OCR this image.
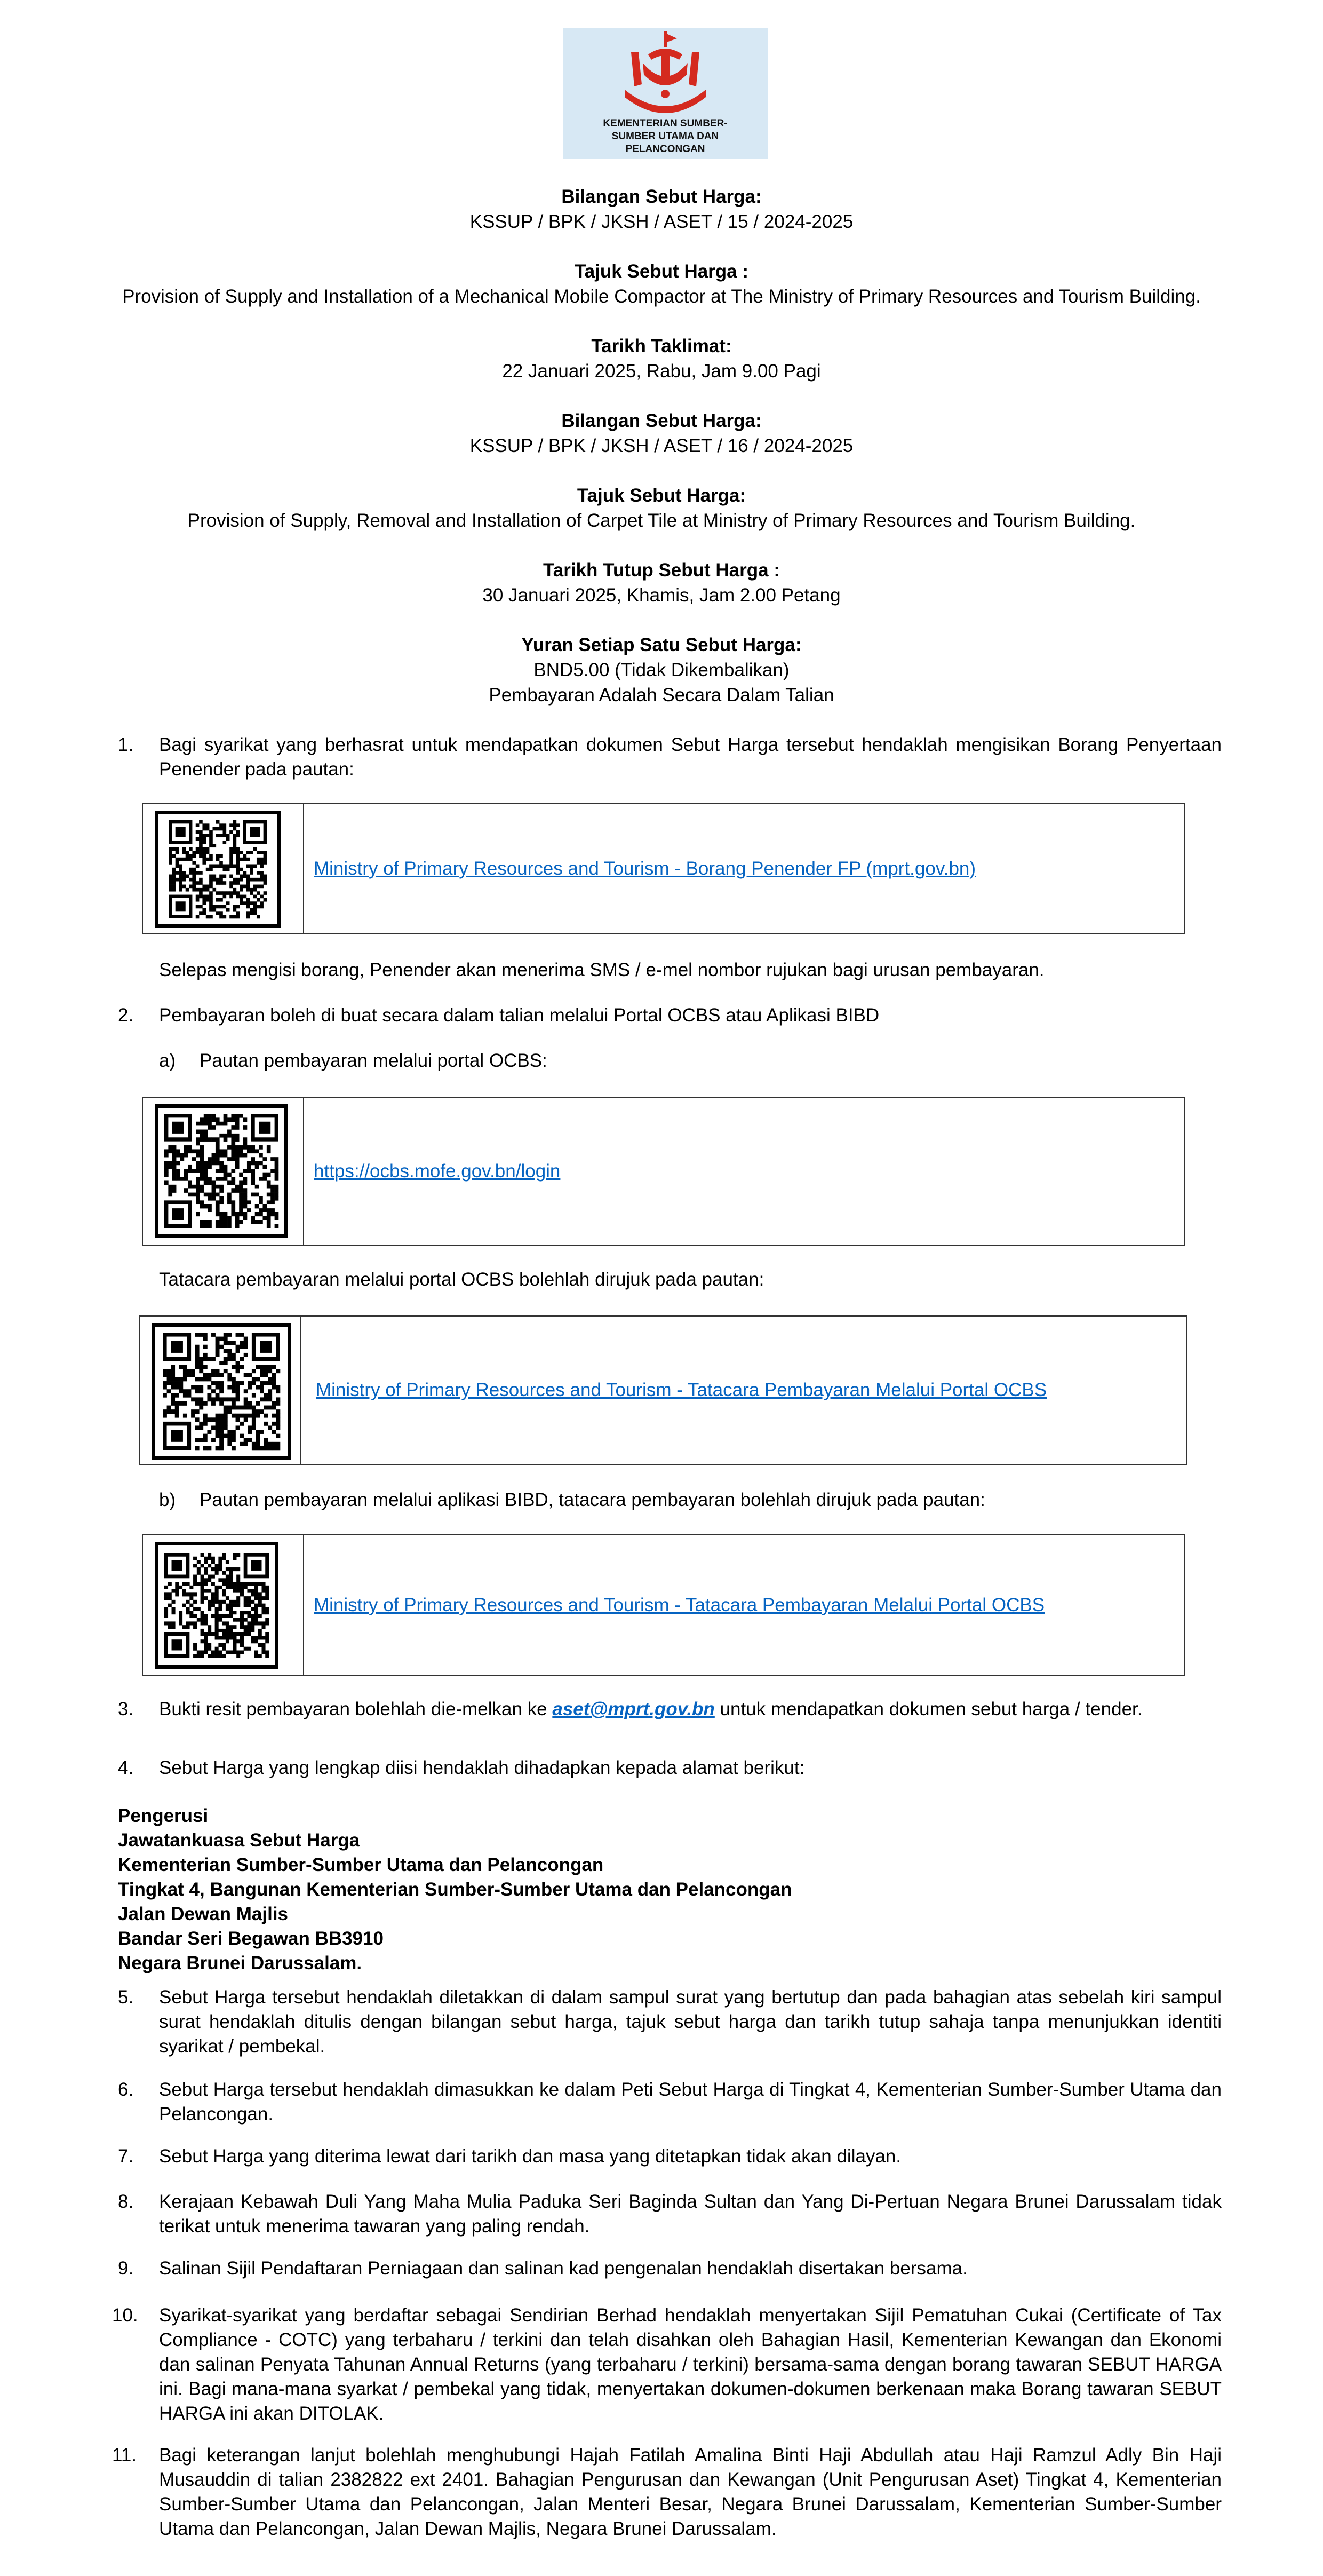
KEMENTERIAN SUMBER-
SUMBER UTAMA DAN
PELANCONGAN
Bilangan Sebut Harga:
KSSUP / BPK / JKSH / ASET / 15 / 2024-2025
Tajuk Sebut Harga :
Provision of Supply and Installation of a Mechanical Mobile Compactor at The Ministry of Primary Resources and Tourism Building.
Tarikh Taklimat:
22 Januari 2025, Rabu, Jam 9.00 Pagi
Bilangan Sebut Harga:
KSSUP / BPK / JKSH / ASET / 16 / 2024-2025
Tajuk Sebut Harga:
Provision of Supply, Removal and Installation of Carpet Tile at Ministry of Primary Resources and Tourism Building.
Tarikh Tutup Sebut Harga :
30 Januari 2025, Khamis, Jam 2.00 Petang
Yuran Setiap Satu Sebut Harga:
BND5.00 (Tidak Dikembalikan)
Pembayaran Adalah Secara Dalam Talian
1. Bagi syarikat yang berhasrat untuk mendapatkan dokumen Sebut Harga tersebut hendaklah mengisikan Borang Penyertaan Penender pada pautan:
Ministry of Primary Resources and Tourism - Borang Penender FP (mprt.gov.bn)
Selepas mengisi borang, Penender akan menerima SMS / e-mel nombor rujukan bagi urusan pembayaran.
2. Pembayaran boleh di buat secara dalam talian melalui Portal OCBS atau Aplikasi BIBD
a) Pautan pembayaran melalui portal OCBS:
https://ocbs.mofe.gov.bn/login
Tatacara pembayaran melalui portal OCBS bolehlah dirujuk pada pautan:
Ministry of Primary Resources and Tourism - Tatacara Pembayaran Melalui Portal OCBS
b) Pautan pembayaran melalui aplikasi BIBD, tatacara pembayaran bolehlah dirujuk pada pautan:
Ministry of Primary Resources and Tourism - Tatacara Pembayaran Melalui Portal OCBS
3. Bukti resit pembayaran bolehlah die-melkan ke aset@mprt.gov.bn untuk mendapatkan dokumen sebut harga / tender.
4. Sebut Harga yang lengkap diisi hendaklah dihadapkan kepada alamat berikut:
Pengerusi
Jawatankuasa Sebut Harga
Kementerian Sumber-Sumber Utama dan Pelancongan
Tingkat 4, Bangunan Kementerian Sumber-Sumber Utama dan Pelancongan
Jalan Dewan Majlis
Bandar Seri Begawan BB3910
Negara Brunei Darussalam.
5. Sebut Harga tersebut hendaklah diletakkan di dalam sampul surat yang bertutup dan pada bahagian atas sebelah kiri sampul surat hendaklah ditulis dengan bilangan sebut harga, tajuk sebut harga dan tarikh tutup sahaja tanpa menunjukkan identiti syarikat / pembekal.
6. Sebut Harga tersebut hendaklah dimasukkan ke dalam Peti Sebut Harga di Tingkat 4, Kementerian Sumber-Sumber Utama dan Pelancongan.
7. Sebut Harga yang diterima lewat dari tarikh dan masa yang ditetapkan tidak akan dilayan.
8. Kerajaan Kebawah Duli Yang Maha Mulia Paduka Seri Baginda Sultan dan Yang Di-Pertuan Negara Brunei Darussalam tidak terikat untuk menerima tawaran yang paling rendah.
9. Salinan Sijil Pendaftaran Perniagaan dan salinan kad pengenalan hendaklah disertakan bersama.
10. Syarikat-syarikat yang berdaftar sebagai Sendirian Berhad hendaklah menyertakan Sijil Pematuhan Cukai (Certificate of Tax Compliance - COTC) yang terbaharu / terkini dan telah disahkan oleh Bahagian Hasil, Kementerian Kewangan dan Ekonomi dan salinan Penyata Tahunan Annual Returns (yang terbaharu / terkini) bersama-sama dengan borang tawaran SEBUT HARGA ini. Bagi mana-mana syarkat / pembekal yang tidak, menyertakan dokumen-dokumen berkenaan maka Borang tawaran SEBUT HARGA ini akan DITOLAK.
11. Bagi keterangan lanjut bolehlah menghubungi Hajah Fatilah Amalina Binti Haji Abdullah atau Haji Ramzul Adly Bin Haji Musauddin di talian 2382822 ext 2401. Bahagian Pengurusan dan Kewangan (Unit Pengurusan Aset) Tingkat 4, Kementerian Sumber-Sumber Utama dan Pelancongan, Jalan Menteri Besar, Negara Brunei Darussalam, Kementerian Sumber-Sumber Utama dan Pelancongan, Jalan Dewan Majlis, Negara Brunei Darussalam.
